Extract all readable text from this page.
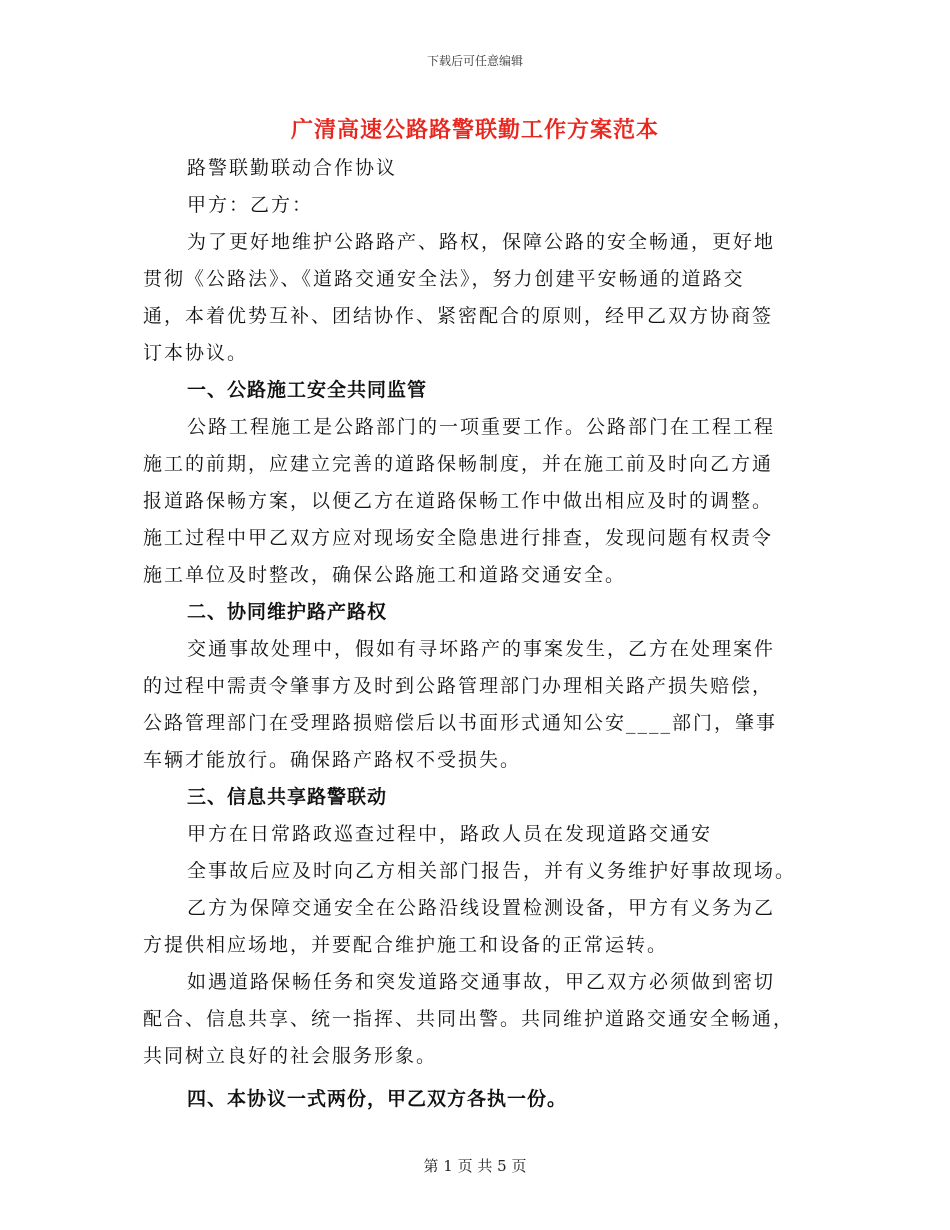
下载后可任意编辑
广清高速公路路警联勤工作方案范本
路警联勤联动合作协议
甲方：乙方：
为了更好地维护公路路产、路权，保障公路的安全畅通，更好地
贯彻《公路法》、《道路交通安全法》，努力创建平安畅通的道路交
通，本着优势互补、团结协作、紧密配合的原则，经甲乙双方协商签
订本协议。
一、公路施工安全共同监管
公路工程施工是公路部门的一项重要工作。公路部门在工程工程
施工的前期，应建立完善的道路保畅制度，并在施工前及时向乙方通
报道路保畅方案，以便乙方在道路保畅工作中做出相应及时的调整。
施工过程中甲乙双方应对现场安全隐患进行排查，发现问题有权责令
施工单位及时整改，确保公路施工和道路交通安全。
二、协同维护路产路权
交通事故处理中，假如有寻坏路产的事案发生，乙方在处理案件
的过程中需责令肇事方及时到公路管理部门办理相关路产损失赔偿，
公路管理部门在受理路损赔偿后以书面形式通知公安____部门，肇事
车辆才能放行。确保路产路权不受损失。
三、信息共享路警联动
甲方在日常路政巡查过程中，路政人员在发现道路交通安
全事故后应及时向乙方相关部门报告，并有义务维护好事故现场。
乙方为保障交通安全在公路沿线设置检测设备，甲方有义务为乙
方提供相应场地，并要配合维护施工和设备的正常运转。
如遇道路保畅任务和突发道路交通事故，甲乙双方必须做到密切
配合、信息共享、统一指挥、共同出警。共同维护道路交通安全畅通，
共同树立良好的社会服务形象。
四、本协议一式两份，甲乙双方各执一份。
第 1 页 共 5 页
